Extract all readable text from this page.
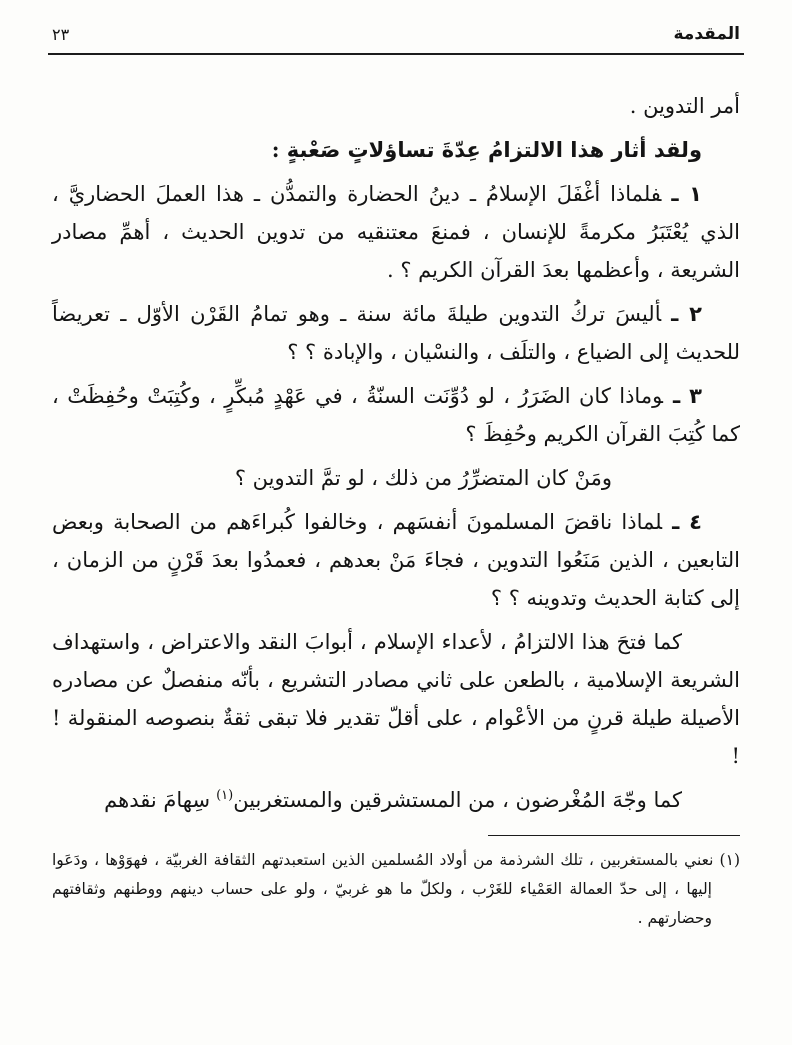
المقدمة
٢٣

أمر التدوين .

ولقد أثار هذا الالتزامُ عِدّةَ تساؤلاتٍ صَعْبةٍ :

١ ـفلماذا أغْفَلَ الإسلامُ ـ دينُ الحضارة والتمدُّن ـ هذا العملَ الحضاريَّ ، الذي يُعْتَبَرُ مكرمةً للإنسان ، فمنعَ معتنقيه من تدوين الحديث ، أهمِّ مصادر الشريعة ، وأعظمها بعدَ القرآن الكريم ؟ .

٢ ـأليسَ تركُ التدوين طيلةَ مائة سنة ـ وهو تمامُ القَرْن الأوّل ـ تعريضاً للحديث إلى الضياع ، والتلَف ، والنسْيان ، والإبادة ؟ ؟

٣ ـوماذا كان الضَرَرُ ، لو دُوِّنَت السنّةُ ، في عَهْدٍ مُبكِّرٍ ، وكُتِبَتْ وحُفِظَتْ ، كما كُتِبَ القرآن الكريم وحُفِظَ ؟

ومَنْ كان المتضرِّرُ من ذلك ، لو تمَّ التدوين ؟

٤ ـلماذا ناقضَ المسلمونَ أنفسَهم ، وخالفوا كُبراءَهم من الصحابة وبعض التابعين ، الذين مَنَعُوا التدوين ، فجاءَ مَنْ بعدهم ، فعمدُوا بعدَ قَرْنٍ من الزمان ، إلى كتابة الحديث وتدوينه ؟ ؟

كما فتحَ هذا الالتزامُ ، لأعداء الإسلام ، أبوابَ النقد والاعتراض ، واستهداف الشريعة الإسلامية ، بالطعن على ثاني مصادر التشريع ، بأنّه منفصلٌ عن مصادره الأصيلة طيلة قرنٍ من الأعْوام ، على أقلّ تقدير فلا تبقى ثقةٌ بنصوصه المنقولة ! !

كما وجّهَ المُغْرضون ، من المستشرقين والمستغربين$^{(١)}$سِهامَ نقدهم

(١) نعني بالمستغربين ، تلك الشرذمة من أولاد المُسلمين الذين استعبدتهم الثقافة الغربيّة ، فهوَوْها ، ودَعَوا إليها ، إلى حدّ العمالة العَمْياء للغَرْب ، ولكلّ ما هو غربيّ ، ولو على حساب دينهم ووطنهم وثقافتهم وحضارتهم .
